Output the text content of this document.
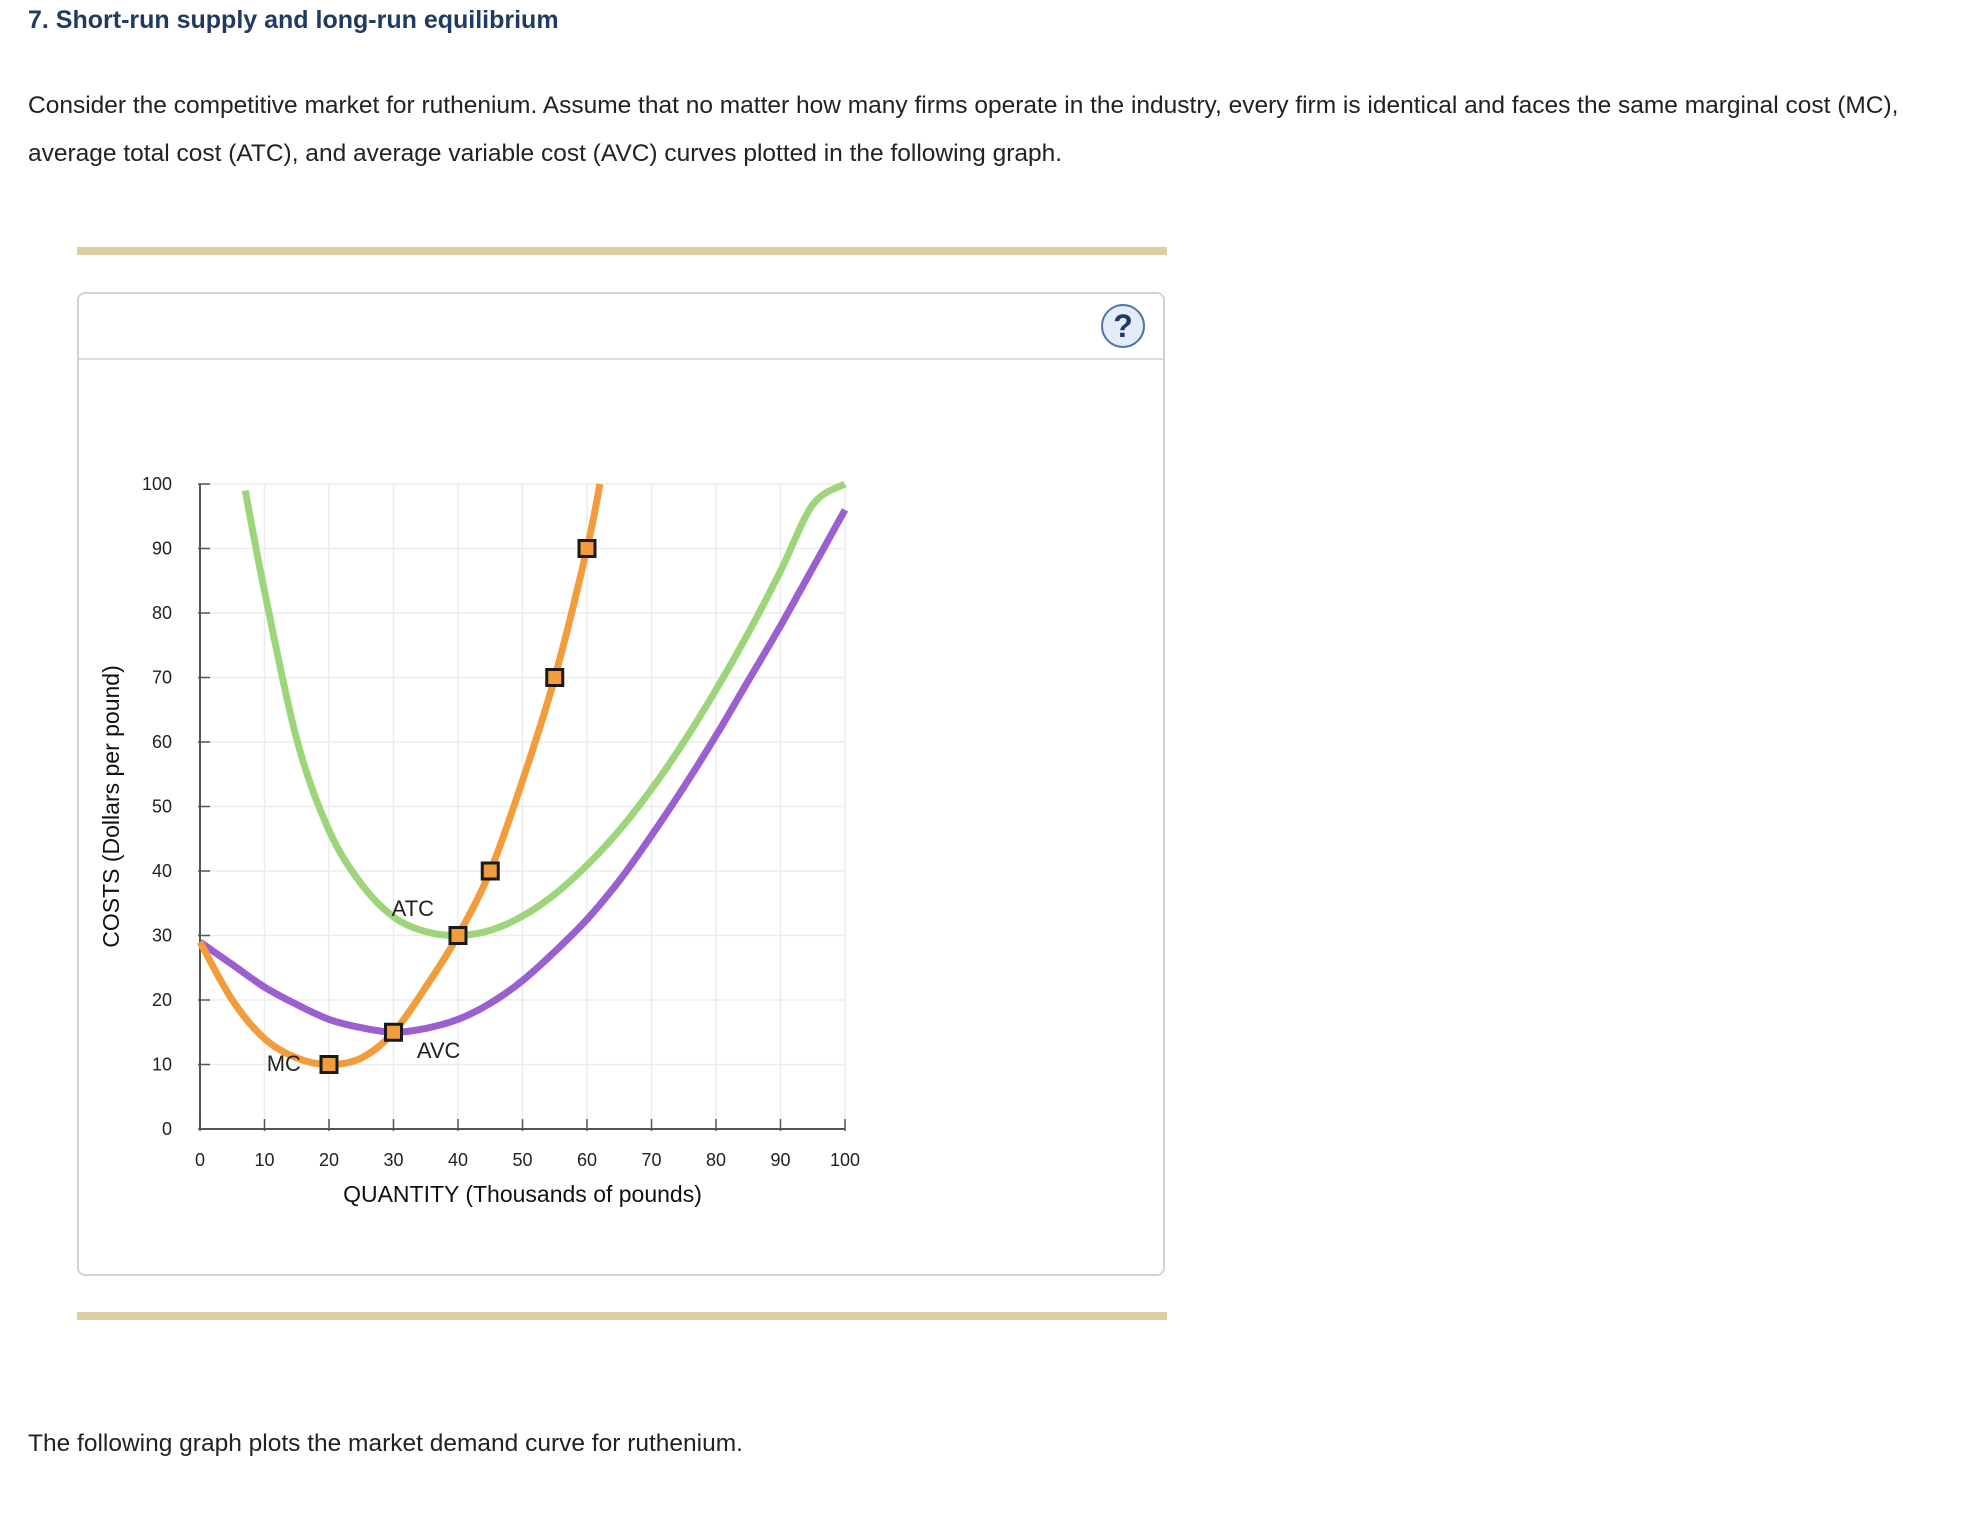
7. Short-run supply and long-run equilibrium
Consider the competitive market for ruthenium. Assume that no matter how many firms operate in the industry, every firm is identical and faces the same marginal cost (MC), average total cost (ATC), and average variable cost (AVC) curves plotted in the following graph.
?
0
10
20
30
40
50
60
70
80
90
100
0	10 20 30 40 50 60 70 80 90 100
ATC
AVC
MC
QUANTITY (Thousands of pounds)
COSTS (Dollars per pound)
The following graph plots the market demand curve for ruthenium.
